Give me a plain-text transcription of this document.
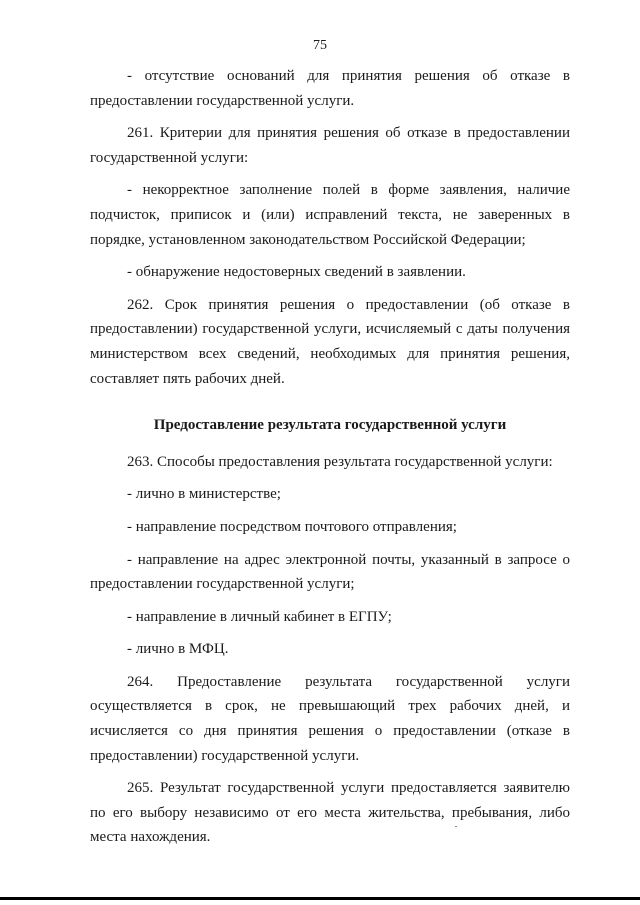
75

- отсутствие оснований для принятия решения об отказе в предоставлении государственной услуги.

261. Критерии для принятия решения об отказе в предоставлении государственной услуги:

- некорректное заполнение полей в форме заявления, наличие подчисток, приписок и (или) исправлений текста, не заверенных в порядке, установленном законодательством Российской Федерации;

- обнаружение недостоверных сведений в заявлении.

262. Срок принятия решения о предоставлении (об отказе в предоставлении) государственной услуги, исчисляемый с даты получения министерством всех сведений, необходимых для принятия решения, составляет пять рабочих дней.

Предоставление результата государственной услуги

263. Способы предоставления результата государственной услуги:

- лично в министерстве;

- направление посредством почтового отправления;

- направление на адрес электронной почты, указанный в запросе о предоставлении государственной услуги;

- направление в личный кабинет в ЕГПУ;

- лично в МФЦ.

264. Предоставление результата государственной услуги осуществляется в срок, не превышающий трех рабочих дней, и исчисляется со дня принятия решения о предоставлении (отказе в предоставлении) государственной услуги.

265. Результат государственной услуги предоставляется заявителю по его выбору независимо от его места жительства, пребывания, либо места нахождения.
